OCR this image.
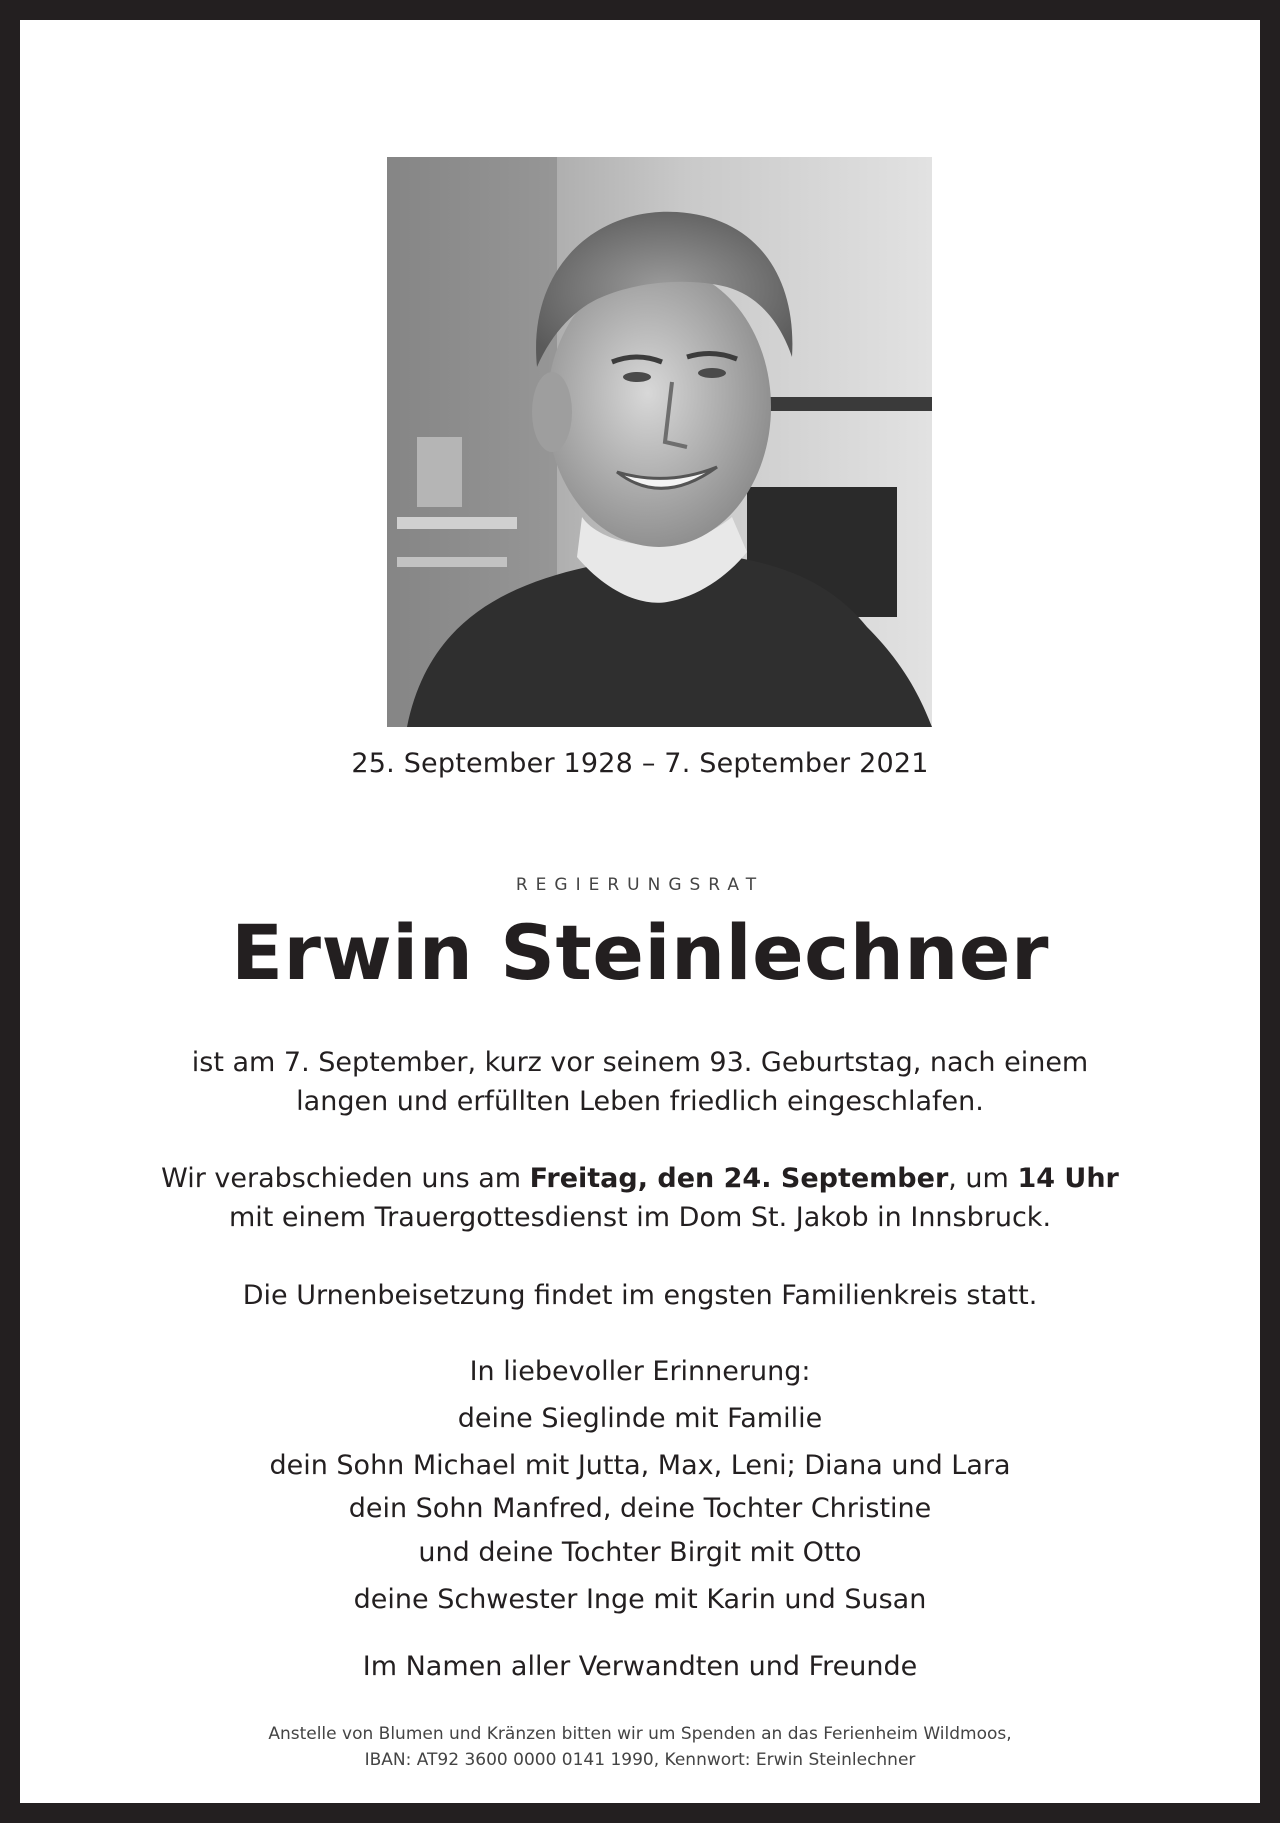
25. September 1928 – 7. September 2021
REGIERUNGSRAT
Erwin Steinlechner
ist am 7. September, kurz vor seinem 93. Geburtstag, nach einem
langen und erfüllten Leben friedlich eingeschlafen.
Wir verabschieden uns am Freitag, den 24. September, um 14 Uhr
mit einem Trauergottesdienst im Dom St. Jakob in Innsbruck.
Die Urnenbeisetzung findet im engsten Familienkreis statt.
In liebevoller Erinnerung:
deine Sieglinde mit Familie
dein Sohn Michael mit Jutta, Max, Leni; Diana und Lara
dein Sohn Manfred, deine Tochter Christine
und deine Tochter Birgit mit Otto
deine Schwester Inge mit Karin und Susan
Im Namen aller Verwandten und Freunde
Anstelle von Blumen und Kränzen bitten wir um Spenden an das Ferienheim Wildmoos,
IBAN: AT92 3600 0000 0141 1990, Kennwort: Erwin Steinlechner
